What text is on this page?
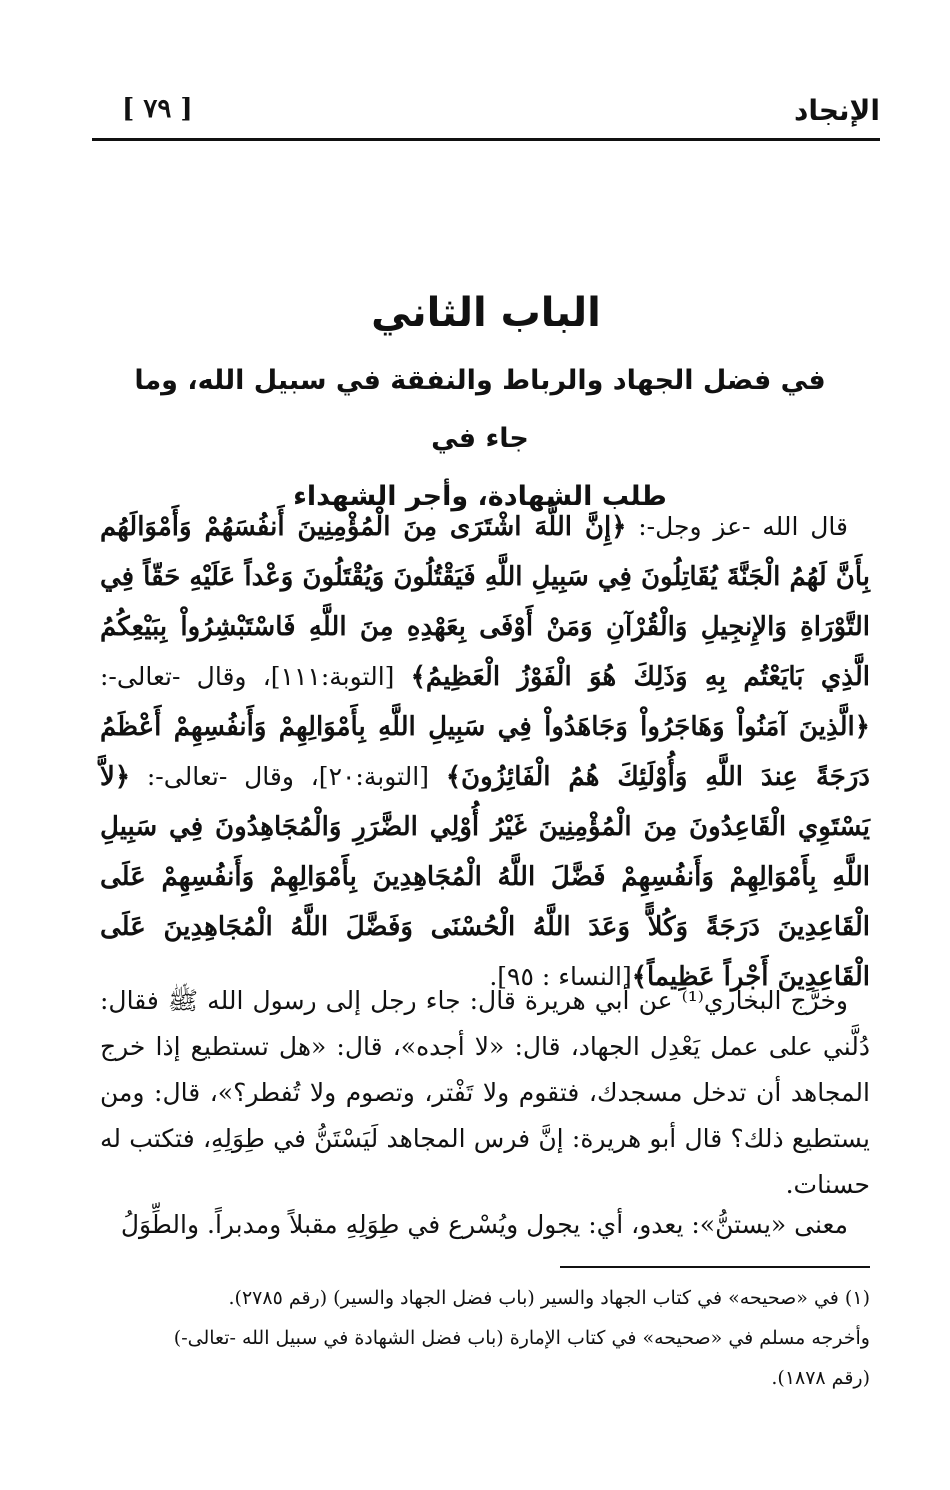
الإنجاد
[ ٧٩ ]
الباب الثاني
في فضل الجهاد والرباط والنفقة في سبيل الله، وما جاء في
طلب الشهادة، وأجر الشهداء
قال الله -عز وجل-: ﴿إِنَّ اللَّهَ اشْتَرَى مِنَ الْمُؤْمِنِينَ أَنفُسَهُمْ وَأَمْوَالَهُم بِأَنَّ لَهُمُ الْجَنَّةَ يُقَاتِلُونَ فِي سَبِيلِ اللَّهِ فَيَقْتُلُونَ وَيُقْتَلُونَ وَعْداً عَلَيْهِ حَقّاً فِي التَّوْرَاةِ وَالإِنجِيلِ وَالْقُرْآنِ وَمَنْ أَوْفَى بِعَهْدِهِ مِنَ اللَّهِ فَاسْتَبْشِرُواْ بِبَيْعِكُمُ الَّذِي بَايَعْتُم بِهِ وَذَلِكَ هُوَ الْفَوْزُ الْعَظِيمُ﴾ [التوبة:١١١]، وقال -تعالى-: ﴿الَّذِينَ آمَنُواْ وَهَاجَرُواْ وَجَاهَدُواْ فِي سَبِيلِ اللَّهِ بِأَمْوَالِهِمْ وَأَنفُسِهِمْ أَعْظَمُ دَرَجَةً عِندَ اللَّهِ وَأُوْلَئِكَ هُمُ الْفَائِزُونَ﴾ [التوبة:٢٠]، وقال -تعالى-: ﴿لاَّ يَسْتَوِي الْقَاعِدُونَ مِنَ الْمُؤْمِنِينَ غَيْرُ أُوْلِي الضَّرَرِ وَالْمُجَاهِدُونَ فِي سَبِيلِ اللَّهِ بِأَمْوَالِهِمْ وَأَنفُسِهِمْ فَضَّلَ اللَّهُ الْمُجَاهِدِينَ بِأَمْوَالِهِمْ وَأَنفُسِهِمْ عَلَى الْقَاعِدِينَ دَرَجَةً وَكُلاًّ وَعَدَ اللَّهُ الْحُسْنَى وَفَضَّلَ اللَّهُ الْمُجَاهِدِينَ عَلَى الْقَاعِدِينَ أَجْراً عَظِيماً﴾[النساء : ٩٥].
وخرَّج البخاري⁽¹⁾ عن أبي هريرة قال: جاء رجل إلى رسول الله ﷺ فقال: دُلَّني على عمل يَعْدِل الجهاد، قال: «لا أجده»، قال: «هل تستطيع إذا خرج المجاهد أن تدخل مسجدك، فتقوم ولا تَفْتر، وتصوم ولا تُفطر؟»، قال: ومن يستطيع ذلك؟ قال أبو هريرة: إنَّ فرس المجاهد لَيَسْتَنُّ في طِوَلِهِ، فتكتب له حسنات.
معنى «يستنُّ»: يعدو، أي: يجول ويُسْرع في طِوَلِهِ مقبلاً ومدبراً. والطِّوَلُ
(١) في «صحيحه» في كتاب الجهاد والسير (باب فضل الجهاد والسير) (رقم ٢٧٨٥).
وأخرجه مسلم في «صحيحه» في كتاب الإمارة (باب فضل الشهادة في سبيل الله -تعالى-)
(رقم ١٨٧٨).
